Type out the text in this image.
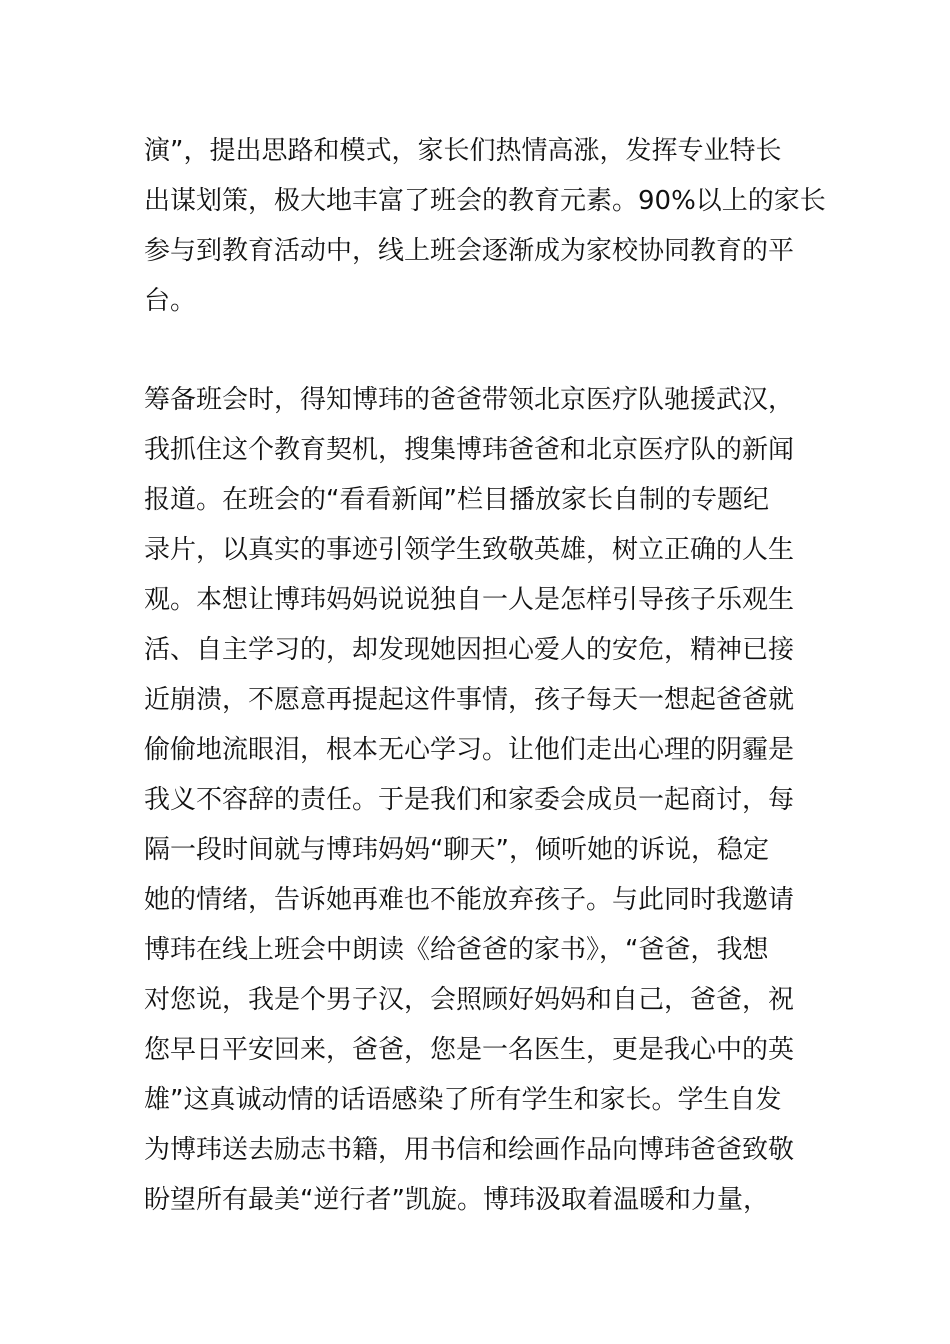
演”，提出思路和模式，家长们热情高涨，发挥专业特长
出谋划策，极大地丰富了班会的教育元素。90%以上的家长
参与到教育活动中，线上班会逐渐成为家校协同教育的平
台。
筹备班会时，得知博玮的爸爸带领北京医疗队驰援武汉，
我抓住这个教育契机，搜集博玮爸爸和北京医疗队的新闻
报道。在班会的“看看新闻”栏目播放家长自制的专题纪
录片，以真实的事迹引领学生致敬英雄，树立正确的人生
观。本想让博玮妈妈说说独自一人是怎样引导孩子乐观生
活、自主学习的，却发现她因担心爱人的安危，精神已接
近崩溃，不愿意再提起这件事情，孩子每天一想起爸爸就
偷偷地流眼泪，根本无心学习。让他们走出心理的阴霾是
我义不容辞的责任。于是我们和家委会成员一起商讨，每
隔一段时间就与博玮妈妈“聊天”，倾听她的诉说，稳定
她的情绪，告诉她再难也不能放弃孩子。与此同时我邀请
博玮在线上班会中朗读《给爸爸的家书》，“爸爸，我想
对您说，我是个男子汉，会照顾好妈妈和自己，爸爸，祝
您早日平安回来，爸爸，您是一名医生，更是我心中的英
雄”这真诚动情的话语感染了所有学生和家长。学生自发
为博玮送去励志书籍，用书信和绘画作品向博玮爸爸致敬
盼望所有最美“逆行者”凯旋。博玮汲取着温暖和力量，
